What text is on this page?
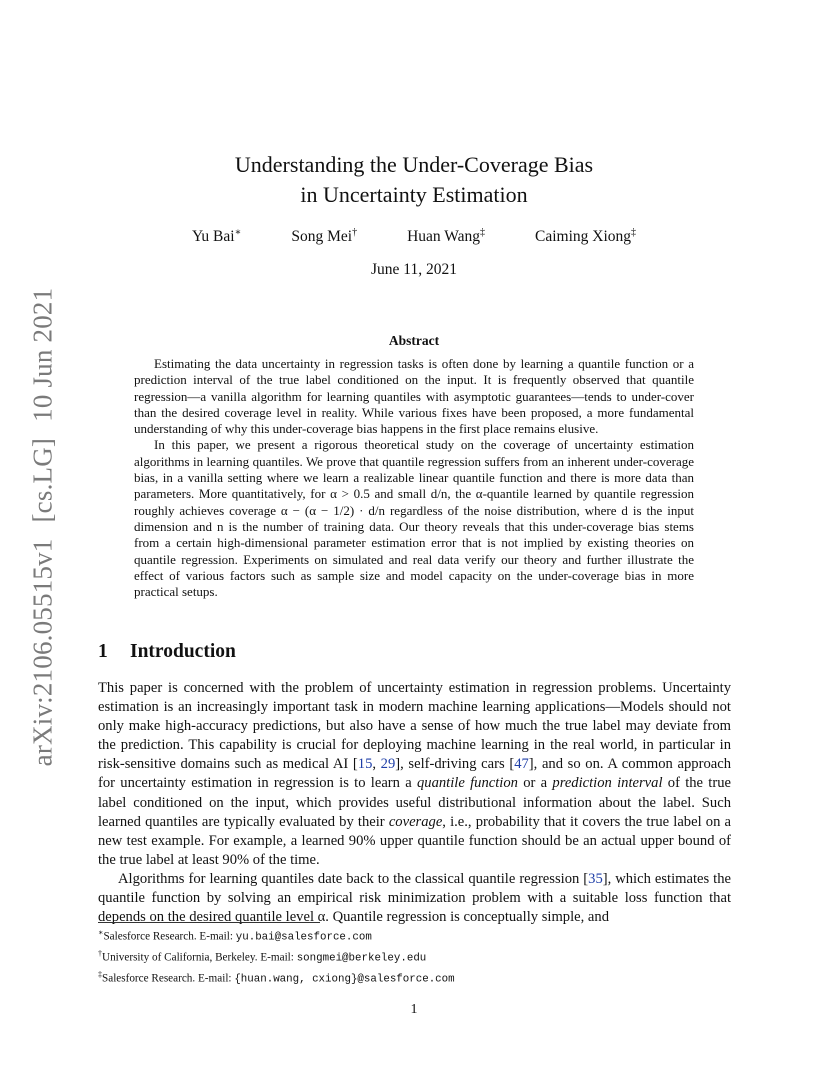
arXiv:2106.05515v1[cs.LG]10 Jun 2021
Understanding the Under-Coverage Bias
in Uncertainty Estimation
Yu Bai∗	Song Mei†	Huan Wang‡	Caiming Xiong‡
June 11, 2021
Abstract

Estimating the data uncertainty in regression tasks is often done by learning a quantile function or a prediction interval of the true label conditioned on the input. It is frequently observed that quantile regression—a vanilla algorithm for learning quantiles with asymptotic guarantees—tends to under-cover than the desired coverage level in reality. While various fixes have been proposed, a more fundamental understanding of why this under-coverage bias happens in the first place remains elusive.

In this paper, we present a rigorous theoretical study on the coverage of uncertainty estimation algorithms in learning quantiles. We prove that quantile regression suffers from an inherent under-coverage bias, in a vanilla setting where we learn a realizable linear quantile function and there is more data than parameters. More quantitatively, for α > 0.5 and small d/n, the α-quantile learned by quantile regression roughly achieves coverage α − (α − 1/2) · d/n regardless of the noise distribution, where d is the input dimension and n is the number of training data. Our theory reveals that this under-coverage bias stems from a certain high-dimensional parameter estimation error that is not implied by existing theories on quantile regression. Experiments on simulated and real data verify our theory and further illustrate the effect of various factors such as sample size and model capacity on the under-coverage bias in more practical setups.

1 Introduction

This paper is concerned with the problem of uncertainty estimation in regression problems. Uncertainty estimation is an increasingly important task in modern machine learning applications—Models should not only make high-accuracy predictions, but also have a sense of how much the true label may deviate from the prediction. This capability is crucial for deploying machine learning in the real world, in particular in risk-sensitive domains such as medical AI [15, 29], self-driving cars [47], and so on. A common approach for uncertainty estimation in regression is to learn a quantile function or a prediction interval of the true label conditioned on the input, which provides useful distributional information about the label. Such learned quantiles are typically evaluated by their coverage, i.e., probability that it covers the true label on a new test example. For example, a learned 90% upper quantile function should be an actual upper bound of the true label at least 90% of the time.

Algorithms for learning quantiles date back to the classical quantile regression [35], which estimates the quantile function by solving an empirical risk minimization problem with a suitable loss function that depends on the desired quantile level α. Quantile regression is conceptually simple, and

∗Salesforce Research. E-mail: yu.bai@salesforce.com
†University of California, Berkeley. E-mail: songmei@berkeley.edu
‡Salesforce Research. E-mail: {huan.wang, cxiong}@salesforce.com
1
